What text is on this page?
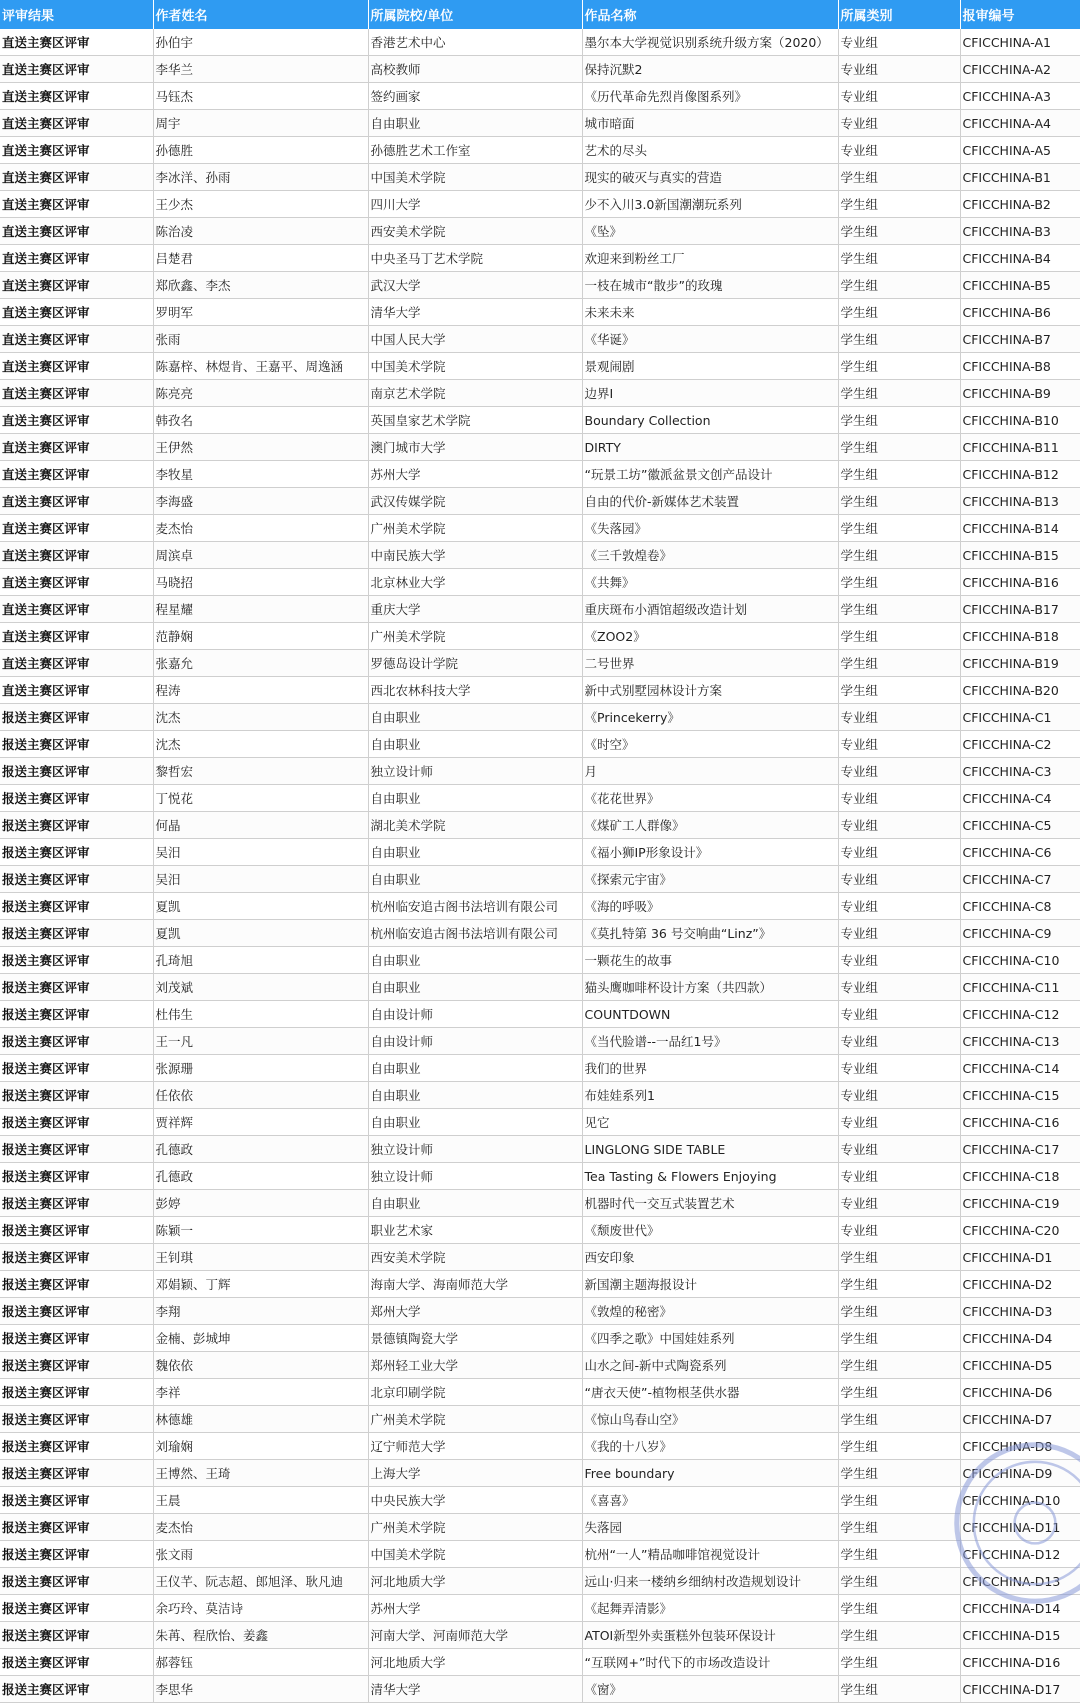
评审结果	作者姓名	所属院校/单位	作品名称	所属类别	报审编号
直送主赛区评审	孙伯宇	香港艺术中心	墨尔本大学视觉识别系统升级方案（2020）	专业组	CFICCHINA-A1
直送主赛区评审	李华兰	高校教师	保持沉默2	专业组	CFICCHINA-A2
直送主赛区评审	马钰杰	签约画家	《历代革命先烈肖像图系列》	专业组	CFICCHINA-A3
直送主赛区评审	周宇	自由职业	城市暗面	专业组	CFICCHINA-A4
直送主赛区评审	孙德胜	孙德胜艺术工作室	艺术的尽头	专业组	CFICCHINA-A5
直送主赛区评审	李冰洋、孙雨	中国美术学院	现实的破灭与真实的营造	学生组	CFICCHINA-B1
直送主赛区评审	王少杰	四川大学	少不入川3.0新国潮潮玩系列	学生组	CFICCHINA-B2
直送主赛区评审	陈治凌	西安美术学院	《坠》	学生组	CFICCHINA-B3
直送主赛区评审	吕楚君	中央圣马丁艺术学院	欢迎来到粉丝工厂	学生组	CFICCHINA-B4
直送主赛区评审	郑欣鑫、李杰	武汉大学	一枝在城市“散步”的玫瑰	学生组	CFICCHINA-B5
直送主赛区评审	罗明军	清华大学	未来未来	学生组	CFICCHINA-B6
直送主赛区评审	张雨	中国人民大学	《华诞》	学生组	CFICCHINA-B7
直送主赛区评审	陈嘉梓、林煜肯、王嘉平、周逸涵	中国美术学院	景观闹剧	学生组	CFICCHINA-B8
直送主赛区评审	陈亮亮	南京艺术学院	边界I	学生组	CFICCHINA-B9
直送主赛区评审	韩孜名	英国皇家艺术学院	Boundary Collection	学生组	CFICCHINA-B10
直送主赛区评审	王伊然	澳门城市大学	DIRTY	学生组	CFICCHINA-B11
直送主赛区评审	李牧星	苏州大学	“玩景工坊”徽派盆景文创产品设计	学生组	CFICCHINA-B12
直送主赛区评审	李海盛	武汉传媒学院	自由的代价-新媒体艺术装置	学生组	CFICCHINA-B13
直送主赛区评审	麦杰怡	广州美术学院	《失落园》	学生组	CFICCHINA-B14
直送主赛区评审	周滨卓	中南民族大学	《三千敦煌卷》	学生组	CFICCHINA-B15
直送主赛区评审	马晓招	北京林业大学	《共舞》	学生组	CFICCHINA-B16
直送主赛区评审	程星耀	重庆大学	重庆斑布小酒馆超级改造计划	学生组	CFICCHINA-B17
直送主赛区评审	范静娴	广州美术学院	《ZOO2》	学生组	CFICCHINA-B18
直送主赛区评审	张嘉允	罗德岛设计学院	二号世界	学生组	CFICCHINA-B19
直送主赛区评审	程涛	西北农林科技大学	新中式别墅园林设计方案	学生组	CFICCHINA-B20
报送主赛区评审	沈杰	自由职业	《Princekerry》	专业组	CFICCHINA-C1
报送主赛区评审	沈杰	自由职业	《时空》	专业组	CFICCHINA-C2
报送主赛区评审	黎哲宏	独立设计师	月	专业组	CFICCHINA-C3
报送主赛区评审	丁悦花	自由职业	《花花世界》	专业组	CFICCHINA-C4
报送主赛区评审	何晶	湖北美术学院	《煤矿工人群像》	专业组	CFICCHINA-C5
报送主赛区评审	吴汨	自由职业	《福小狮IP形象设计》	专业组	CFICCHINA-C6
报送主赛区评审	吴汨	自由职业	《探索元宇宙》	专业组	CFICCHINA-C7
报送主赛区评审	夏凯	杭州临安追古阁书法培训有限公司	《海的呼吸》	专业组	CFICCHINA-C8
报送主赛区评审	夏凯	杭州临安追古阁书法培训有限公司	《莫扎特第 36 号交响曲“Linz”》	专业组	CFICCHINA-C9
报送主赛区评审	孔琦旭	自由职业	一颗花生的故事	专业组	CFICCHINA-C10
报送主赛区评审	刘茂斌	自由职业	猫头鹰咖啡杯设计方案（共四款）	专业组	CFICCHINA-C11
报送主赛区评审	杜伟生	自由设计师	COUNTDOWN	专业组	CFICCHINA-C12
报送主赛区评审	王一凡	自由设计师	《当代脸谱--一品红1号》	专业组	CFICCHINA-C13
报送主赛区评审	张源珊	自由职业	我们的世界	专业组	CFICCHINA-C14
报送主赛区评审	任依依	自由职业	布娃娃系列1	专业组	CFICCHINA-C15
报送主赛区评审	贾祥辉	自由职业	见它	专业组	CFICCHINA-C16
报送主赛区评审	孔德政	独立设计师	LINGLONG SIDE TABLE	专业组	CFICCHINA-C17
报送主赛区评审	孔德政	独立设计师	Tea Tasting & Flowers Enjoying	专业组	CFICCHINA-C18
报送主赛区评审	彭婷	自由职业	机器时代一交互式装置艺术	专业组	CFICCHINA-C19
报送主赛区评审	陈颖一	职业艺术家	《颓废世代》	专业组	CFICCHINA-C20
报送主赛区评审	王钊琪	西安美术学院	西安印象	学生组	CFICCHINA-D1
报送主赛区评审	邓娟颖、丁辉	海南大学、海南师范大学	新国潮主题海报设计	学生组	CFICCHINA-D2
报送主赛区评审	李翔	郑州大学	《敦煌的秘密》	学生组	CFICCHINA-D3
报送主赛区评审	金楠、彭城坤	景德镇陶瓷大学	《四季之歌》中国娃娃系列	学生组	CFICCHINA-D4
报送主赛区评审	魏依依	郑州轻工业大学	山水之间-新中式陶瓷系列	学生组	CFICCHINA-D5
报送主赛区评审	李祥	北京印刷学院	“唐衣天使”-植物根茎供水器	学生组	CFICCHINA-D6
报送主赛区评审	林德雄	广州美术学院	《惊山鸟春山空》	学生组	CFICCHINA-D7
报送主赛区评审	刘瑜娴	辽宁师范大学	《我的十八岁》	学生组	CFICCHINA-D8
报送主赛区评审	王博然、王琦	上海大学	Free boundary	学生组	CFICCHINA-D9
报送主赛区评审	王晨	中央民族大学	《喜喜》	学生组	CFICCHINA-D10
报送主赛区评审	麦杰怡	广州美术学院	失落园	学生组	CFICCHINA-D11
报送主赛区评审	张文雨	中国美术学院	杭州“一人”精品咖啡馆视觉设计	学生组	CFICCHINA-D12
报送主赛区评审	王仪芊、阮志超、郎旭泽、耿凡迪	河北地质大学	远山·归来一楼纳乡细纳村改造规划设计	学生组	CFICCHINA-D13
报送主赛区评审	余巧玲、莫洁诗	苏州大学	《起舞弄清影》	学生组	CFICCHINA-D14
报送主赛区评审	朱苒、程欣怡、姜鑫	河南大学、河南师范大学	ATOI新型外卖蛋糕外包装环保设计	学生组	CFICCHINA-D15
报送主赛区评审	郝蓉钰	河北地质大学	“互联网+”时代下的市场改造设计	学生组	CFICCHINA-D16
报送主赛区评审	李思华	清华大学	《窗》	学生组	CFICCHINA-D17
